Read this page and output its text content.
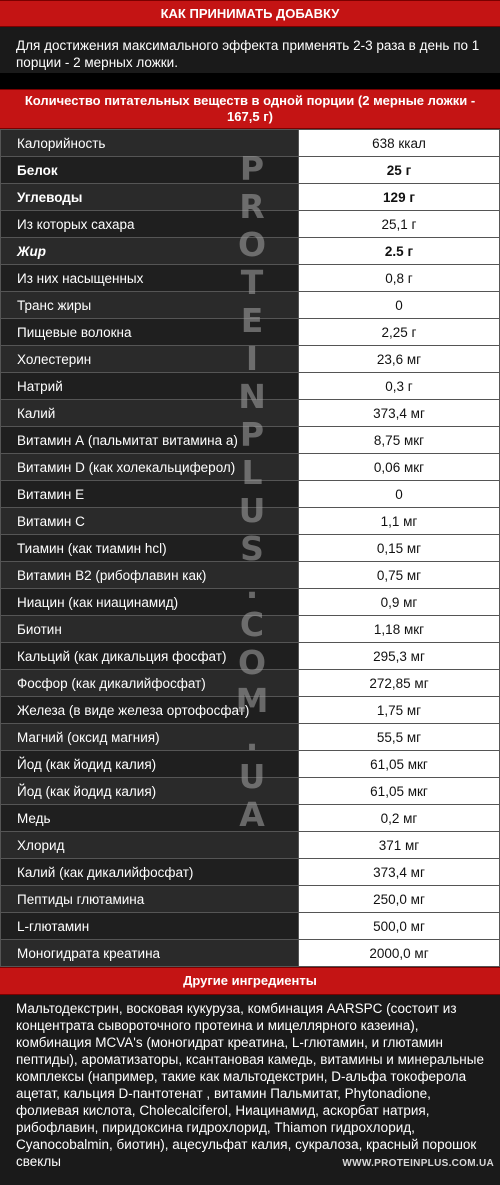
КАК ПРИНИМАТЬ ДОБАВКУ
Для достижения максимального эффекта применять 2-3 раза в день по 1 порции - 2 мерных ложки.
Количество питательных веществ в одной порции (2 мерные ложки - 167,5 г)
Калорийность	638 ккал
Белок	25 г
Углеводы	129 г
Из которых сахара	25,1 г
Жир	2.5 г
Из них насыщенных	0,8 г
Транс жиры	0
Пищевые волокна	2,25 г
Холестерин	23,6 мг
Натрий	0,3 г
Калий	373,4 мг
Витамин А (пальмитат витамина а)	8,75 мкг
Витамин D (как холекальциферол)	0,06 мкг
Витамин Е	0
Витамин С	1,1 мг
Тиамин (как тиамин hcl)	0,15 мг
Витамин B2 (рибофлавин как)	0,75 мг
Ниацин (как ниацинамид)	0,9 мг
Биотин	1,18 мкг
Кальций (как дикальция фосфат)	295,3 мг
Фосфор (как дикалийфосфат)	272,85 мг
Железа (в виде железа ортофосфат)	1,75 мг
Магний (оксид магния)	55,5 мг
Йод (как йодид калия)	61,05 мкг
Йод (как йодид калия)	61,05 мкг
Медь	0,2 мг
Хлорид	371 мг
Калий (как дикалийфосфат)	373,4 мг
Пептиды глютамина	250,0 мг
L-глютамин	500,0 мг
Моногидрата креатина	2000,0 мг
Другие ингредиенты
Мальтодекстрин, восковая кукуруза, комбинация AARSPC (состоит из концентрата сывороточного протеина и мицеллярного казеина), комбинация MCVA's (моногидрат креатина, L-глютамин, и глютамин пептиды), ароматизаторы, ксантановая камедь, витамины и минеральные комплексы (например, такие как мальтодекстрин, D-альфа токоферола ацетат, кальция D-пантотенат , витамин Пальмитат, Phytonadione, фолиевая кислота, Cholecalciferol, Ниацинамид, аскорбат натрия, рибофлавин, пиридоксина гидрохлорид, Thiamon гидрохлорид, Cyanocobalmin, биотин), ацесульфат калия, сукралоза, красный порошок свеклы
P
R
O
T
E
I
N
P
L
U
S
.
C
O
M
.
U
A
WWW.PROTEINPLUS.COM.UA
